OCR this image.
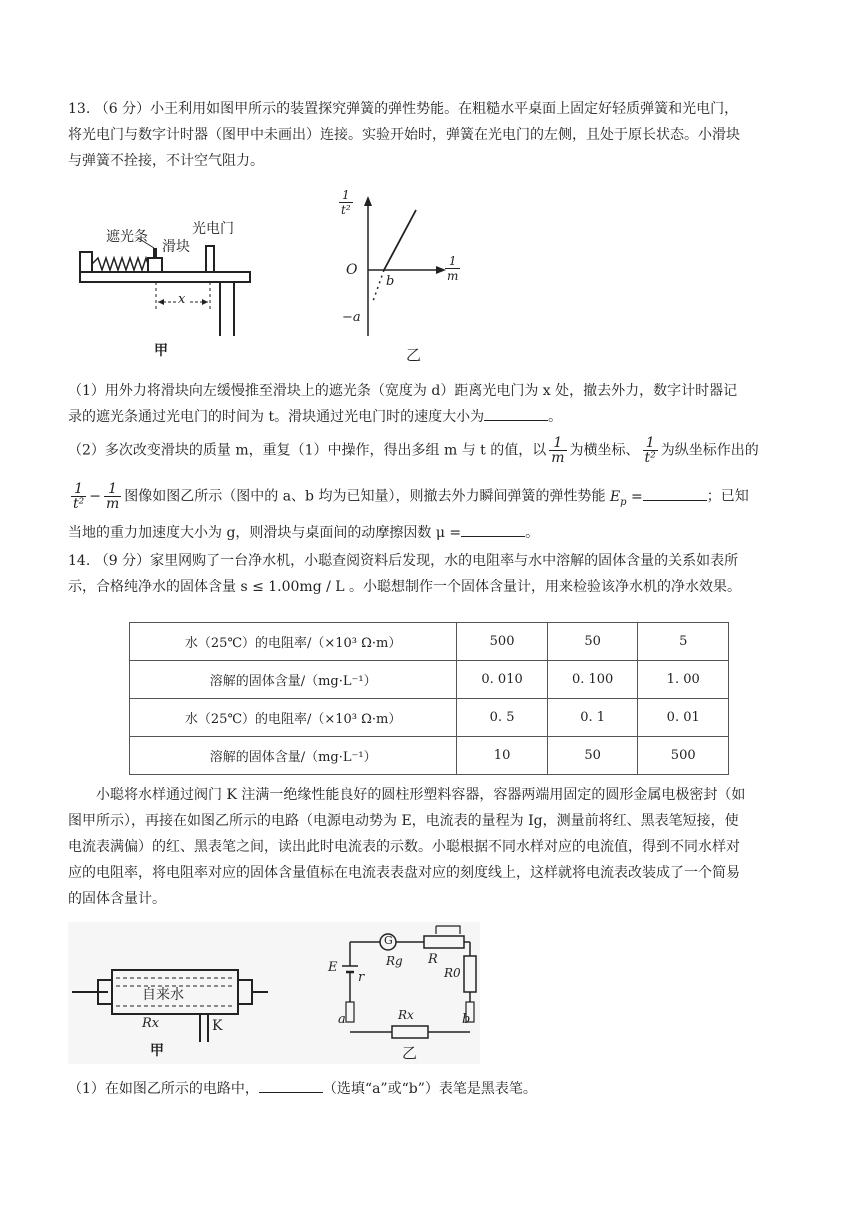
13. （6 分）小王利用如图甲所示的装置探究弹簧的弹性势能。在粗糙水平桌面上固定好轻质弹簧和光电门，

将光电门与数字计时器（图甲中未画出）连接。实验开始时，弹簧在光电门的左侧，且处于原长状态。小滑块

与弹簧不拴接，不计空气阻力。

遮光条
滑块
光电门
x
甲
$\frac{1}{\text{t²}}$
$\frac{1}{m}$
O
b
−a
乙

（1）用外力将滑块向左缓慢推至滑块上的遮光条（宽度为 d）距离光电门为 x 处，撤去外力，数字计时器记

录的遮光条通过光电门的时间为 t。滑块通过光电门时的速度大小为	。

（2）多次改变滑块的质量 m，重复（1）中操作，得出多组 m 与 t 的值，以 $\frac{1}{m}$ 为横坐标、 $\frac{1}{\text{t²}}$ 为纵坐标作出的
$\frac{1}{\text{t²}} - \frac{1}{m}$ 图像如图乙所示（图中的 a、b 均为已知量），则撤去外力瞬间弹簧的弹性势能 $E_p$ =	；已知
当地的重力加速度大小为 g，则滑块与桌面间的动摩擦因数 μ =	。

14. （9 分）家里网购了一台净水机，小聪查阅资料后发现，水的电阻率与水中溶解的固体含量的关系如表所

示，合格纯净水的固体含量 s ≤ 1.00mg / L 。小聪想制作一个固体含量计，用来检验该净水机的净水效果。

水（25℃）的电阻率/（×10³ Ω·m）	500	50	5
溶解的固体含量/（mg·L⁻¹）	0. 010	0. 100	1. 00
水（25℃）的电阻率/（×10³ Ω·m）	0. 5	0. 1	0. 01
溶解的固体含量/（mg·L⁻¹）	10	50	500

小聪将水样通过阀门 K 注满一绝缘性能良好的圆柱形塑料容器，容器两端用固定的圆形金属电极密封（如

图甲所示），再接在如图乙所示的电路（电源电动势为 E，电流表的量程为 Ig，测量前将红、黑表笔短接，使

电流表满偏）的红、黑表笔之间，读出此时电流表的示数。小聪根据不同水样对应的电流值，得到不同水样对

应的电阻率，将电阻率对应的固体含量值标在电流表表盘对应的刻度线上，这样就将电流表改装成了一个简易

的固体含量计。

自来水
Rx	K
甲
G
E
r
Rg R
R0
a	b
Rx
乙
（1）在如图乙所示的电路中，	（选填“a”或“b”）表笔是黑表笔。
